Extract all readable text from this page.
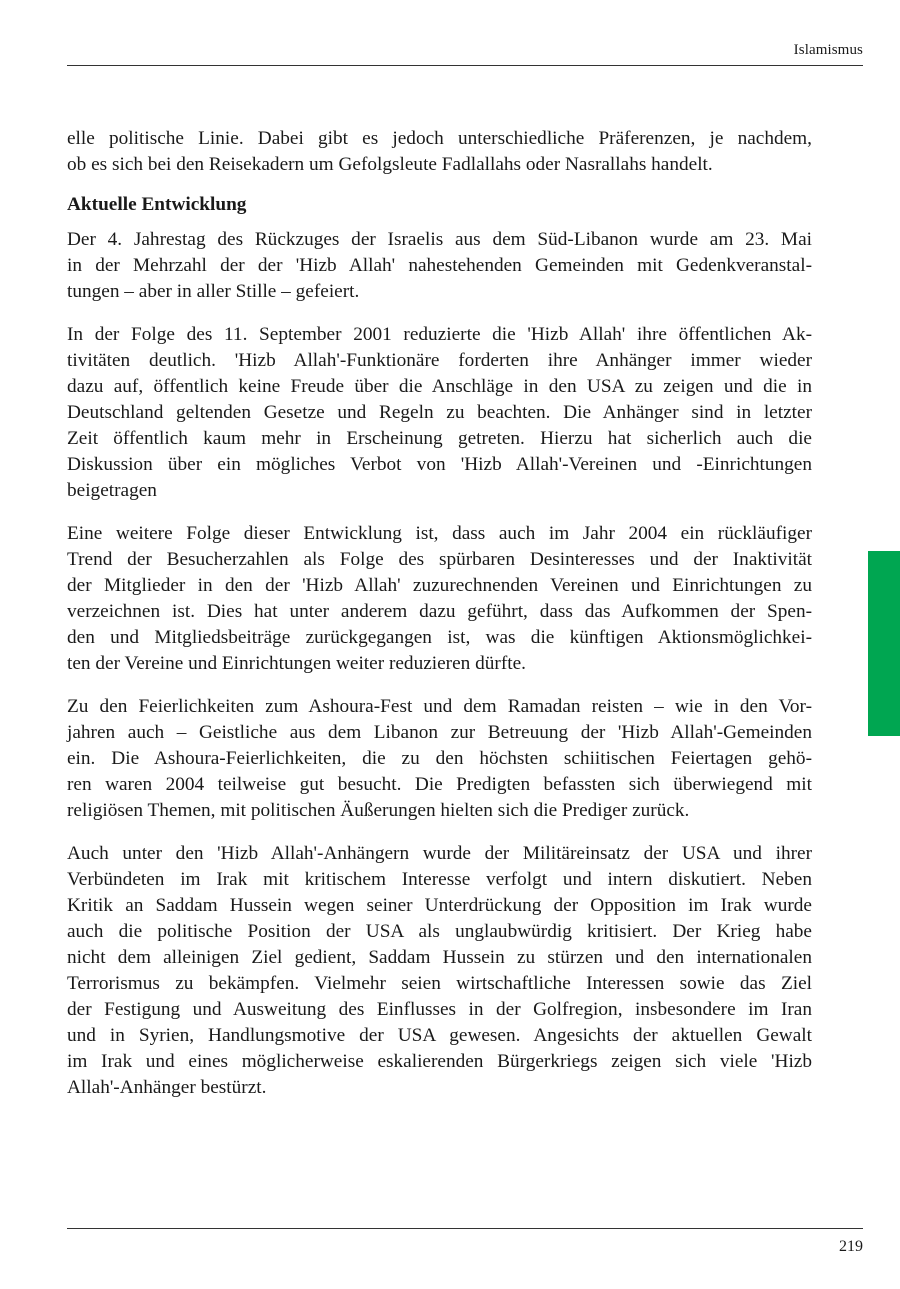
Islamismus

elle politische Linie. Dabei gibt es jedoch unterschiedliche Präferenzen, je nachdem,
ob es sich bei den Reisekadern um Gefolgsleute Fadlallahs oder Nasrallahs handelt.

Aktuelle Entwicklung

Der 4. Jahrestag des Rückzuges der Israelis aus dem Süd-Libanon wurde am 23. Mai
in der Mehrzahl der der 'Hizb Allah' nahestehenden Gemeinden mit Gedenkveranstal-
tungen – aber in aller Stille – gefeiert.

In der Folge des 11. September 2001 reduzierte die 'Hizb Allah' ihre öffentlichen Ak-
tivitäten deutlich. 'Hizb Allah'-Funktionäre forderten ihre Anhänger immer wieder
dazu auf, öffentlich keine Freude über die Anschläge in den USA zu zeigen und die in
Deutschland geltenden Gesetze und Regeln zu beachten. Die Anhänger sind in letzter
Zeit öffentlich kaum mehr in Erscheinung getreten. Hierzu hat sicherlich auch die
Diskussion über ein mögliches Verbot von 'Hizb Allah'-Vereinen und -Einrichtungen
beigetragen

Eine weitere Folge dieser Entwicklung ist, dass auch im Jahr 2004 ein rückläufiger
Trend der Besucherzahlen als Folge des spürbaren Desinteresses und der Inaktivität
der Mitglieder in den der 'Hizb Allah' zuzurechnenden Vereinen und Einrichtungen zu
verzeichnen ist. Dies hat unter anderem dazu geführt, dass das Aufkommen der Spen-
den und Mitgliedsbeiträge zurückgegangen ist, was die künftigen Aktionsmöglichkei-
ten der Vereine und Einrichtungen weiter reduzieren dürfte.

Zu den Feierlichkeiten zum Ashoura-Fest und dem Ramadan reisten – wie in den Vor-
jahren auch – Geistliche aus dem Libanon zur Betreuung der 'Hizb Allah'-Gemeinden
ein. Die Ashoura-Feierlichkeiten, die zu den höchsten schiitischen Feiertagen gehö-
ren waren 2004 teilweise gut besucht. Die Predigten befassten sich überwiegend mit
religiösen Themen, mit politischen Äußerungen hielten sich die Prediger zurück.

Auch unter den 'Hizb Allah'-Anhängern wurde der Militäreinsatz der USA und ihrer
Verbündeten im Irak mit kritischem Interesse verfolgt und intern diskutiert. Neben
Kritik an Saddam Hussein wegen seiner Unterdrückung der Opposition im Irak wurde
auch die politische Position der USA als unglaubwürdig kritisiert. Der Krieg habe
nicht dem alleinigen Ziel gedient, Saddam Hussein zu stürzen und den internationalen
Terrorismus zu bekämpfen. Vielmehr seien wirtschaftliche Interessen sowie das Ziel
der Festigung und Ausweitung des Einflusses in der Golfregion, insbesondere im Iran
und in Syrien, Handlungsmotive der USA gewesen. Angesichts der aktuellen Gewalt
im Irak und eines möglicherweise eskalierenden Bürgerkriegs zeigen sich viele 'Hizb
Allah'-Anhänger bestürzt.

219
